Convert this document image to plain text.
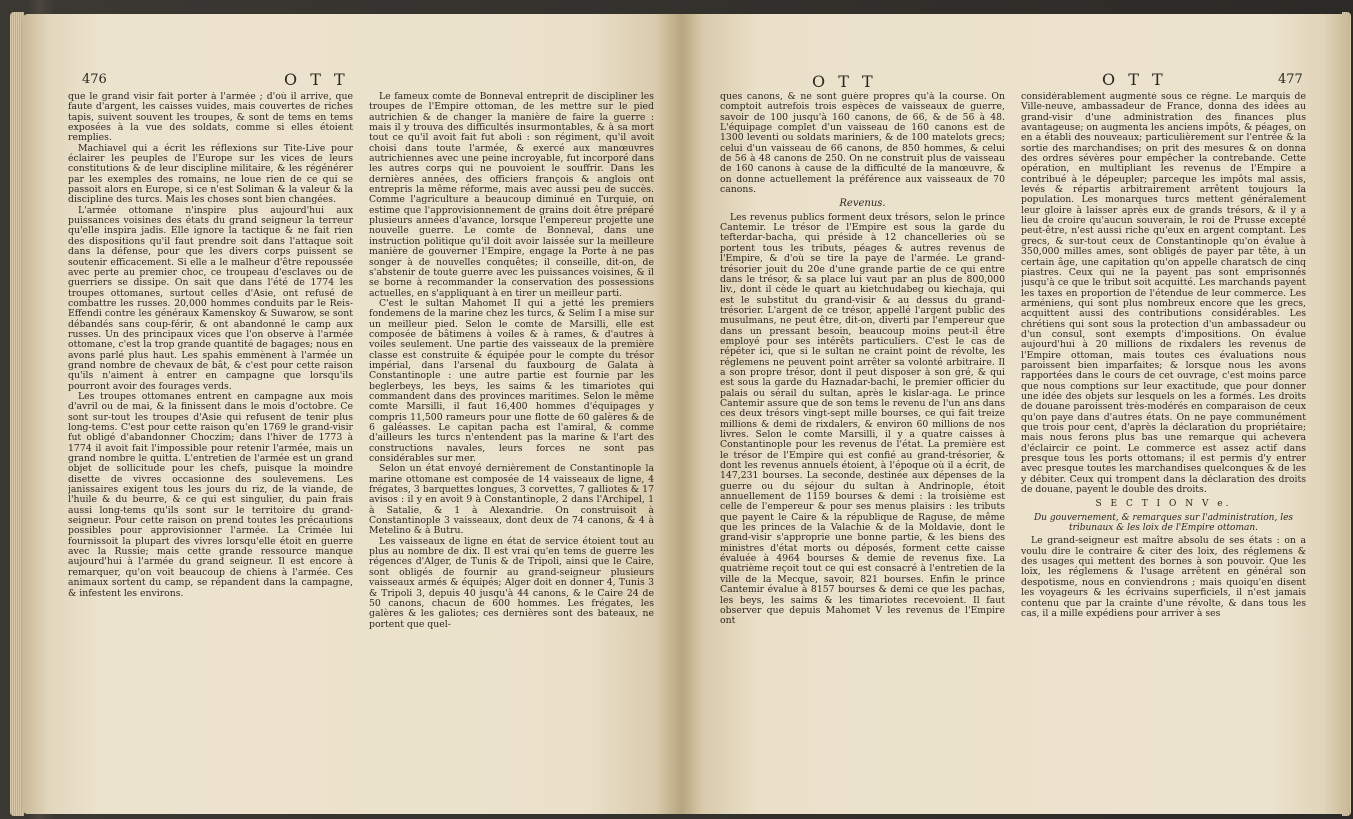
476	O T T

que le grand visir fait porter à l'armée ; d'où il arrive, que faute d'argent, les caisses vuides, mais couvertes de riches tapis, suivent souvent les troupes, & sont de tems en tems exposées à la vue des soldats, comme si elles étoient remplies.

Machiavel qui a écrit les réflexions sur Tite-Live pour éclairer les peuples de l'Europe sur les vices de leurs constitutions & de leur discipline militaire, & les régénérer par les exemples des romains, ne loue rien de ce qui se passoit alors en Europe, si ce n'est Soliman & la valeur & la discipline des turcs. Mais les choses sont bien changées.

L'armée ottomane n'inspire plus aujourd'hui aux puissances voisines des états du grand seigneur la terreur qu'elle inspira jadis. Elle ignore la tactique & ne fait rien des dispositions qu'il faut prendre soit dans l'attaque soit dans la défense, pour que les divers corps puissent se soutenir efficacement. Si elle a le malheur d'être repoussée avec perte au premier choc, ce troupeau d'esclaves ou de guerriers se dissipe. On sait que dans l'été de 1774 les troupes ottomanes, surtout celles d'Asie, ont refusé de combattre les russes. 20,000 hommes conduits par le Reis-Effendi contre les généraux Kamenskoy & Suwarow, se sont débandés sans coup-férir, & ont abandonné le camp aux russes. Un des principaux vices que l'on observe à l'armée ottomane, c'est la trop grande quantité de bagages; nous en avons parlé plus haut. Les spahis emmènent à l'armée un grand nombre de chevaux de bât, & c'est pour cette raison qu'ils n'aiment à entrer en campagne que lorsqu'ils pourront avoir des fourages verds.

Les troupes ottomanes entrent en campagne aux mois d'avril ou de mai, & la finissent dans le mois d'octobre. Ce sont sur-tout les troupes d'Asie qui refusent de tenir plus long-tems. C'est pour cette raison qu'en 1769 le grand-visir fut obligé d'abandonner Choczim; dans l'hiver de 1773 à 1774 il avoit fait l'impossible pour retenir l'armée, mais un grand nombre le quitta. L'entretien de l'armée est un grand objet de sollicitude pour les chefs, puisque la moindre disette de vivres occasionne des soulevemens. Les janissaires exigent tous les jours du riz, de la viande, de l'huile & du beurre, & ce qui est singulier, du pain frais aussi long-tems qu'ils sont sur le territoire du grand-seigneur. Pour cette raison on prend toutes les précautions possibles pour approvisionner l'armée. La Crimée lui fournissoit la plupart des vivres lorsqu'elle étoit en guerre avec la Russie; mais cette grande ressource manque aujourd'hui à l'armée du grand seigneur. Il est encore à remarquer, qu'on voit beaucoup de chiens à l'armée. Ces animaux sortent du camp, se répandent dans la campagne, & infestent les environs.

Le fameux comte de Bonneval entreprit de discipliner les troupes de l'Empire ottoman, de les mettre sur le pied autrichien & de changer la manière de faire la guerre : mais il y trouva des difficultés insurmontables, & à sa mort tout ce qu'il avoit fait fut aboli : son régiment, qu'il avoit choisi dans toute l'armée, & exercé aux manœuvres autrichiennes avec une peine incroyable, fut incorporé dans les autres corps qui ne pouvoient le souffrir. Dans les dernières années, des officiers françois & anglois ont entrepris la même réforme, mais avec aussi peu de succès. Comme l'agriculture a beaucoup diminué en Turquie, on estime que l'approvisionnement de grains doit être préparé plusieurs années d'avance, lorsque l'empereur projette une nouvelle guerre. Le comte de Bonneval, dans une instruction politique qu'il doit avoir laissée sur la meilleure manière de gouverner l'Empire, engage la Porte à ne pas songer à de nouvelles conquêtes; il conseille, dit-on, de s'abstenir de toute guerre avec les puissances voisines, & il se borne à recommander la conservation des possessions actuelles, en s'appliquant à en tirer un meilleur parti.

C'est le sultan Mahomet II qui a jetté les premiers fondemens de la marine chez les turcs, & Selim I a mise sur un meilleur pied. Selon le comte de Marsilli, elle est composée de bâtimens à voiles & à rames, & d'autres à voiles seulement. Une partie des vaisseaux de la première classe est construite & équipée pour le compte du trésor impérial, dans l'arsenal du fauxbourg de Galata à Constantinople : une autre partie est fournie par les beglerbeys, les beys, les saims & les timariotes qui commandent dans des provinces maritimes. Selon le même comte Marsilli, il faut 16,400 hommes d'équipages y compris 11,500 rameurs pour une flotte de 60 galères & de 6 galéasses. Le capitan pacha est l'amiral, & comme d'ailleurs les turcs n'entendent pas la marine & l'art des constructions navales, leurs forces ne sont pas considérables sur mer.

Selon un état envoyé dernièrement de Constantinople la marine ottomane est composée de 14 vaisseaux de ligne, 4 frégates, 3 barquettes longues, 3 corvettes, 7 galliotes & 17 avisos : il y en avoit 9 à Constantinople, 2 dans l'Archipel, 1 à Satalie, & 1 à Alexandrie. On construisoit à Constantinople 3 vaisseaux, dont deux de 74 canons, & 4 à Metelino & à Butru.

Les vaisseaux de ligne en état de service étoient tout au plus au nombre de dix. Il est vrai qu'en tems de guerre les régences d'Alger, de Tunis & de Tripoli, ainsi que le Caire, sont obligés de fournir au grand-seigneur plusieurs vaisseaux armés & équipés; Alger doit en donner 4, Tunis 3 & Tripoli 3, depuis 40 jusqu'à 44 canons, & le Caire 24 de 50 canons, chacun de 600 hommes. Les frégates, les galères & les galiotes; ces dernières sont des bateaux, ne portent que quel-

O T T	O T T	477

ques canons, & ne sont guère propres qu'à la course. On comptoit autrefois trois espèces de vaisseaux de guerre, savoir de 100 jusqu'à 160 canons, de 66, & de 56 à 48. L'équipage complet d'un vaisseau de 160 canons est de 1300 leventi ou soldats mariniers, & de 100 matelots grecs; celui d'un vaisseau de 66 canons, de 850 hommes, & celui de 56 à 48 canons de 250. On ne construit plus de vaisseau de 160 canons à cause de la difficulté de la manœuvre, & on donne actuellement la préférence aux vaisseaux de 70 canons.

Revenus.

Les revenus publics forment deux trésors, selon le prince Cantemir. Le trésor de l'Empire est sous la garde du tefterdar-bacha, qui préside à 12 chancelleries où se portent tous les tributs, péages & autres revenus de l'Empire, & d'où se tire la paye de l'armée. Le grand-trésorier jouit du 20e d'une grande partie de ce qui entre dans le trésor, & sa place lui vaut par an plus de 800,000 liv., dont il cède le quart au kietchudabeg ou kiechaja, qui est le substitut du grand-visir & au dessus du grand-trésorier. L'argent de ce trésor, appellé l'argent public des musulmans, ne peut être, dit-on, diverti par l'empereur que dans un pressant besoin, beaucoup moins peut-il être employé pour ses intérêts particuliers. C'est le cas de répéter ici, que si le sultan ne craint point de révolte, les réglemens ne peuvent point arrêter sa volonté arbitraire. Il a son propre trésor, dont il peut disposer à son gré, & qui est sous la garde du Haznadar-bachi, le premier officier du palais ou sérail du sultan, après le kislar-aga. Le prince Cantemir assure que de son tems le revenu de l'un ans dans ces deux trésors vingt-sept mille bourses, ce qui fait treize millions & demi de rixdalers, & environ 60 millions de nos livres. Selon le comte Marsilli, il y a quatre caisses à Constantinople pour les revenus de l'état. La première est le trésor de l'Empire qui est confié au grand-trésorier, & dont les revenus annuels étoient, à l'époque où il a écrit, de 147,231 bourses. La seconde, destinée aux dépenses de la guerre ou du séjour du sultan à Andrinople, étoit annuellement de 1159 bourses & demi : la troisième est celle de l'empereur & pour ses menus plaisirs : les tributs que payent le Caire & la république de Raguse, de même que les princes de la Valachie & de la Moldavie, dont le grand-visir s'approprie une bonne partie, & les biens des ministres d'état morts ou déposés, forment cette caisse évaluée à 4964 bourses & demie de revenus fixe. La quatrième reçoit tout ce qui est consacré à l'entretien de la ville de la Mecque, savoir, 821 bourses. Enfin le prince Cantemir évalue à 8157 bourses & demi ce que les pachas, les beys, les saims & les timariotes recevoient. Il faut observer que depuis Mahomet V les revenus de l'Empire ont

considérablement augmenté sous ce règne. Le marquis de Ville-neuve, ambassadeur de France, donna des idées au grand-visir d'une administration des finances plus avantageuse; on augmenta les anciens impôts, & péages, on en a établi des nouveaux; particulièrement sur l'entrée & la sortie des marchandises; on prit des mesures & on donna des ordres sévères pour empêcher la contrebande. Cette opération, en multipliant les revenus de l'Empire a contribué à le dépeupler; parceque les impôts mal assis, levés & répartis arbitrairement arrêtent toujours la population. Les monarques turcs mettent généralement leur gloire à laisser après eux de grands trésors, & il y a lieu de croire qu'aucun souverain, le roi de Prusse excepté peut-être, n'est aussi riche qu'eux en argent comptant. Les grecs, & sur-tout ceux de Constantinople qu'on évalue à 350,000 milles ames, sont obligés de payer par tête, à un certain âge, une capitation qu'on appelle charatsch de cinq piastres. Ceux qui ne la payent pas sont emprisonnés jusqu'à ce que le tribut soit acquitté. Les marchands payent les taxes en proportion de l'étendue de leur commerce. Les arméniens, qui sont plus nombreux encore que les grecs, acquittent aussi des contributions considérables. Les chrétiens qui sont sous la protection d'un ambassadeur ou d'un consul, sont exempts d'impositions. On évalue aujourd'hui à 20 millions de rixdalers les revenus de l'Empire ottoman, mais toutes ces évaluations nous paroissent bien imparfaites; & lorsque nous les avons rapportées dans le cours de cet ouvrage, c'est moins parce que nous comptions sur leur exactitude, que pour donner une idée des objets sur lesquels on les a formés. Les droits de douane paroissent très-modérés en comparaison de ceux qu'on paye dans d'autres états. On ne paye communément que trois pour cent, d'après la déclaration du propriétaire; mais nous ferons plus bas une remarque qui achevera d'éclaircir ce point. Le commerce est assez actif dans presque tous les ports ottomans; il est permis d'y entrer avec presque toutes les marchandises quelconques & de les y débiter. Ceux qui trompent dans la déclaration des droits de douane, payent le double des droits.

S E C T I O N V e.

Du gouvernement, & remarques sur l'administration, les tribunaux & les loix de l'Empire ottoman.

Le grand-seigneur est maître absolu de ses états : on a voulu dire le contraire & citer des loix, des réglemens & des usages qui mettent des bornes à son pouvoir. Que les loix, les réglemens & l'usage arrêtent en général son despotisme, nous en conviendrons ; mais quoiqu'en disent les voyageurs & les écrivains superficiels, il n'est jamais contenu que par la crainte d'une révolte, & dans tous les cas, il a mille expédiens pour arriver à ses
